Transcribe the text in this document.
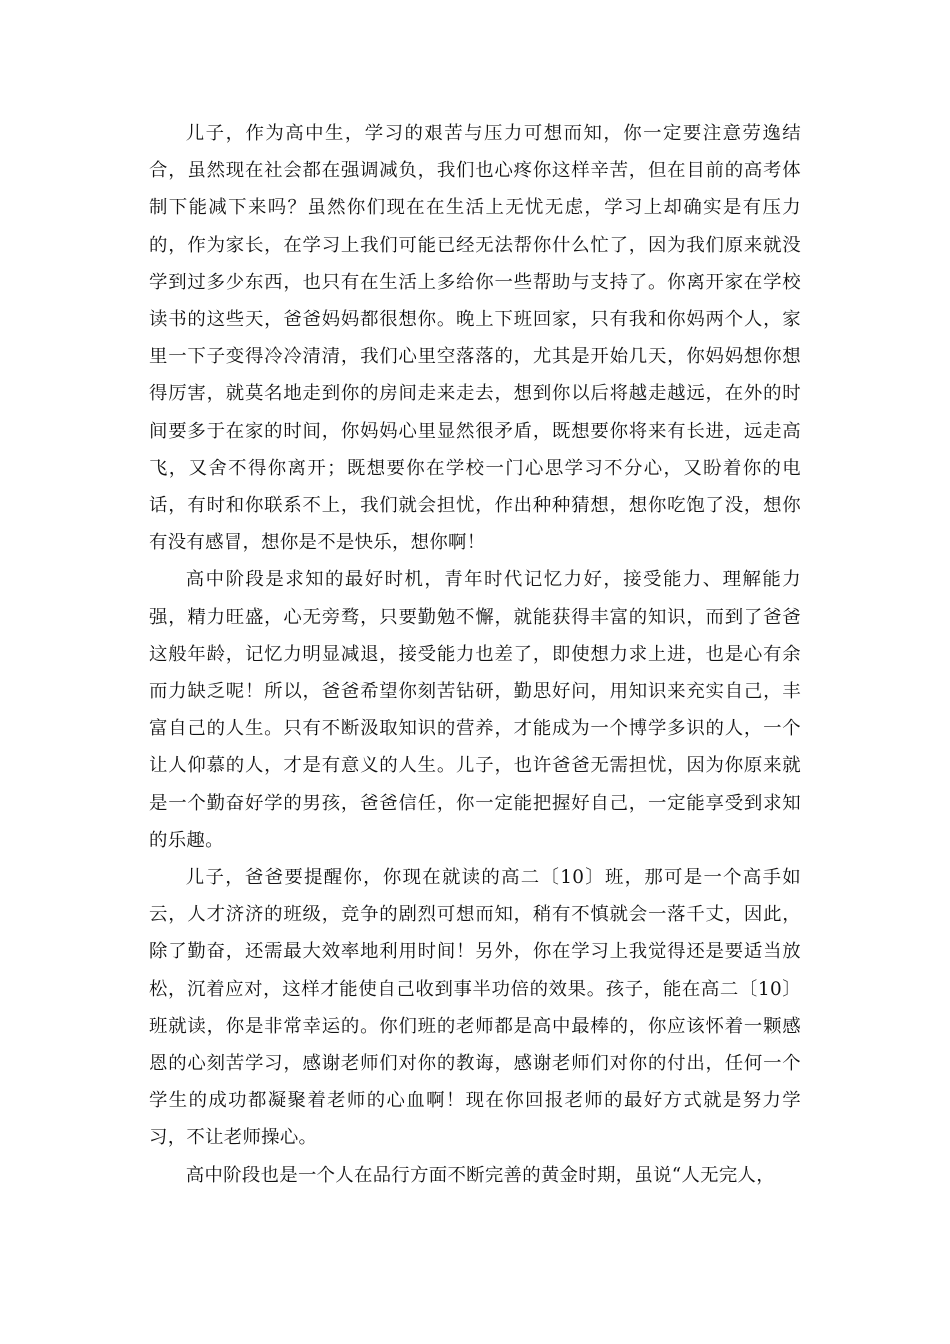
儿子，作为高中生，学习的艰苦与压力可想而知，你一定要注意劳逸结合，虽然现在社会都在强调减负，我们也心疼你这样辛苦，但在目前的高考体制下能减下来吗？虽然你们现在在生活上无忧无虑，学习上却确实是有压力的，作为家长，在学习上我们可能已经无法帮你什么忙了，因为我们原来就没学到过多少东西，也只有在生活上多给你一些帮助与支持了。你离开家在学校读书的这些天，爸爸妈妈都很想你。晚上下班回家，只有我和你妈两个人，家里一下子变得冷冷清清，我们心里空落落的，尤其是开始几天，你妈妈想你想得厉害，就莫名地走到你的房间走来走去，想到你以后将越走越远，在外的时间要多于在家的时间，你妈妈心里显然很矛盾，既想要你将来有长进，远走高飞，又舍不得你离开；既想要你在学校一门心思学习不分心，又盼着你的电话，有时和你联系不上，我们就会担忧，作出种种猜想，想你吃饱了没，想你有没有感冒，想你是不是快乐，想你啊！

高中阶段是求知的最好时机，青年时代记忆力好，接受能力、理解能力强，精力旺盛，心无旁骛，只要勤勉不懈，就能获得丰富的知识，而到了爸爸这般年龄，记忆力明显减退，接受能力也差了，即使想力求上进，也是心有余而力缺乏呢！所以，爸爸希望你刻苦钻研，勤思好问，用知识来充实自己，丰富自己的人生。只有不断汲取知识的营养，才能成为一个博学多识的人，一个让人仰慕的人，才是有意义的人生。儿子，也许爸爸无需担忧，因为你原来就是一个勤奋好学的男孩，爸爸信任，你一定能把握好自己，一定能享受到求知的乐趣。

儿子，爸爸要提醒你，你现在就读的高二〔10〕班，那可是一个高手如云，人才济济的班级，竞争的剧烈可想而知，稍有不慎就会一落千丈，因此，除了勤奋，还需最大效率地利用时间！另外，你在学习上我觉得还是要适当放松，沉着应对，这样才能使自己收到事半功倍的效果。孩子，能在高二〔10〕班就读，你是非常幸运的。你们班的老师都是高中最棒的，你应该怀着一颗感恩的心刻苦学习，感谢老师们对你的教诲，感谢老师们对你的付出，任何一个学生的成功都凝聚着老师的心血啊！现在你回报老师的最好方式就是努力学习，不让老师操心。

高中阶段也是一个人在品行方面不断完善的黄金时期，虽说“人无完人，
